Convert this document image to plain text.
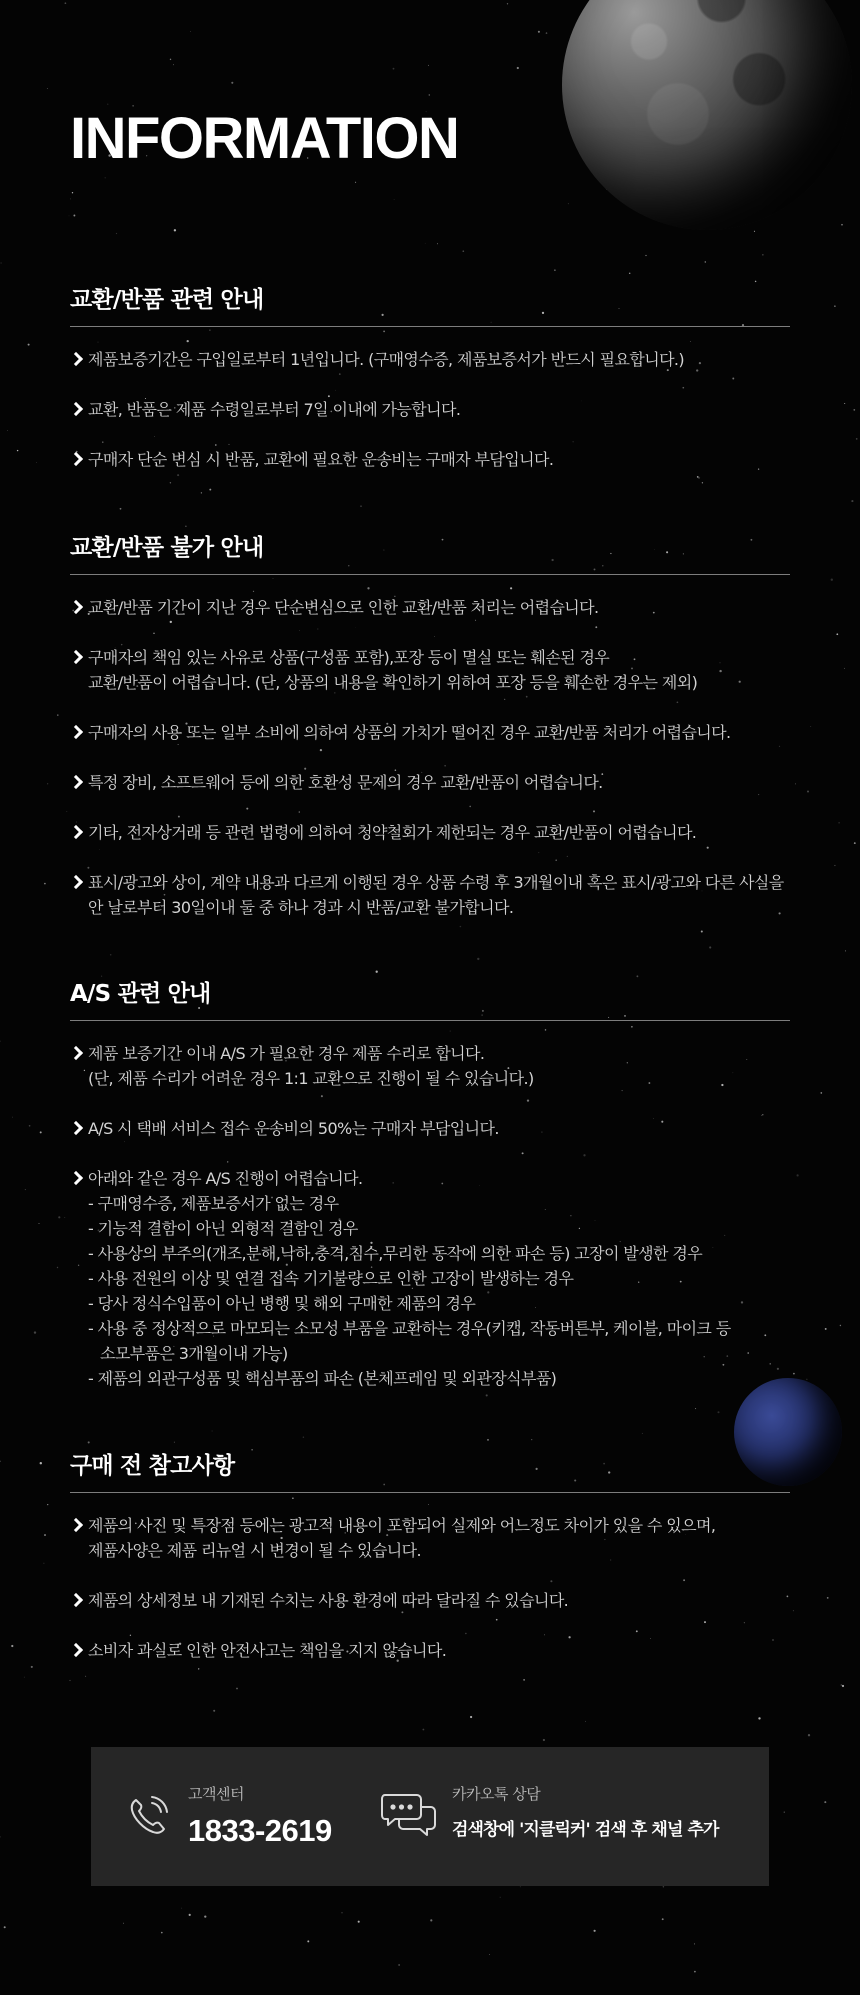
INFORMATION
교환/반품 관련 안내
제품보증기간은 구입일로부터 1년입니다. (구매영수증, 제품보증서가 반드시 필요합니다.)
교환, 반품은 제품 수령일로부터 7일 이내에 가능합니다.
구매자 단순 변심 시 반품, 교환에 필요한 운송비는 구매자 부담입니다.
교환/반품 불가 안내
교환/반품 기간이 지난 경우 단순변심으로 인한 교환/반품 처리는 어렵습니다.
구매자의 책임 있는 사유로 상품(구성품 포함),포장 등이 멸실 또는 훼손된 경우
교환/반품이 어렵습니다. (단, 상품의 내용을 확인하기 위하여 포장 등을 훼손한 경우는 제외)
구매자의 사용 또는 일부 소비에 의하여 상품의 가치가 떨어진 경우 교환/반품 처리가 어렵습니다.
특정 장비, 소프트웨어 등에 의한 호환성 문제의 경우 교환/반품이 어렵습니다.
기타, 전자상거래 등 관련 법령에 의하여 청약철회가 제한되는 경우 교환/반품이 어렵습니다.
표시/광고와 상이, 계약 내용과 다르게 이행된 경우 상품 수령 후 3개월이내 혹은 표시/광고와 다른 사실을
안 날로부터 30일이내 둘 중 하나 경과 시 반품/교환 불가합니다.
A/S 관련 안내
제품 보증기간 이내 A/S 가 필요한 경우 제품 수리로 합니다.
(단, 제품 수리가 어려운 경우 1:1 교환으로 진행이 될 수 있습니다.)
A/S 시 택배 서비스 접수 운송비의 50%는 구매자 부담입니다.
아래와 같은 경우 A/S 진행이 어렵습니다.
- 구매영수증, 제품보증서가 없는 경우
- 기능적 결함이 아닌 외형적 결함인 경우
- 사용상의 부주의(개조,분해,낙하,충격,침수,무리한 동작에 의한 파손 등) 고장이 발생한 경우
- 사용 전원의 이상 및 연결 접속 기기불량으로 인한 고장이 발생하는 경우
- 당사 정식수입품이 아닌 병행 및 해외 구매한 제품의 경우
- 사용 중 정상적으로 마모되는 소모성 부품을 교환하는 경우(키캡, 작동버튼부, 케이블, 마이크 등
소모부품은 3개월이내 가능)
- 제품의 외관구성품 및 핵심부품의 파손 (본체프레임 및 외관장식부품)
구매 전 참고사항
제품의 사진 및 특장점 등에는 광고적 내용이 포함되어 실제와 어느정도 차이가 있을 수 있으며,
제품사양은 제품 리뉴얼 시 변경이 될 수 있습니다.
제품의 상세정보 내 기재된 수치는 사용 환경에 따라 달라질 수 있습니다.
소비자 과실로 인한 안전사고는 책임을 지지 않습니다.
고객센터
1833-2619
카카오톡 상담
검색창에 '지클릭커' 검색 후 채널 추가
